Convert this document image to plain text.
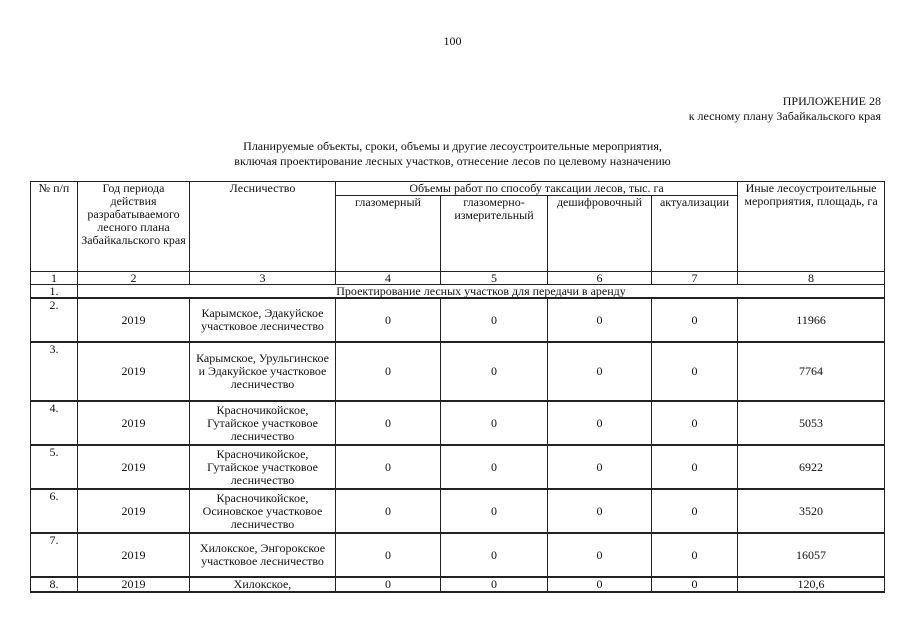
100
ПРИЛОЖЕНИЕ 28
к лесному плану Забайкальского края
Планируемые объекты, сроки, объемы и другие лесоустроительные мероприятия,
включая проектирование лесных участков, отнесение лесов по целевому назначению
№ п/п	Год периода действия разрабатываемого лесного плана Забайкальского края	Лесничество	Объемы работ по способу таксации лесов, тыс. га				Иные лесоустроительные мероприятия, площадь, га
			глазомерный	глазомерно-измерительный	дешифровочный	актуализации	
1	2	3	4	5	6	7	8
1.	Проектирование лесных участков для передачи в аренду						
2.	2019	Карымское, Эдакуйское участковое лесничество	0	0	0	0	11966
3.	2019	Карымское, Урульгинское и Эдакуйское участковое лесничество	0	0	0	0	7764
4.	2019	Красночикойское, Гутайское участковое лесничество	0	0	0	0	5053
5.	2019	Красночикойское, Гутайское участковое лесничество	0	0	0	0	6922
6.	2019	Красночикойское, Осиновское участковое лесничество	0	0	0	0	3520
7.	2019	Хилокское, Энгорокское участковое лесничество	0	0	0	0	16057
8.	2019	Хилокское,	0	0	0	0	120,6
